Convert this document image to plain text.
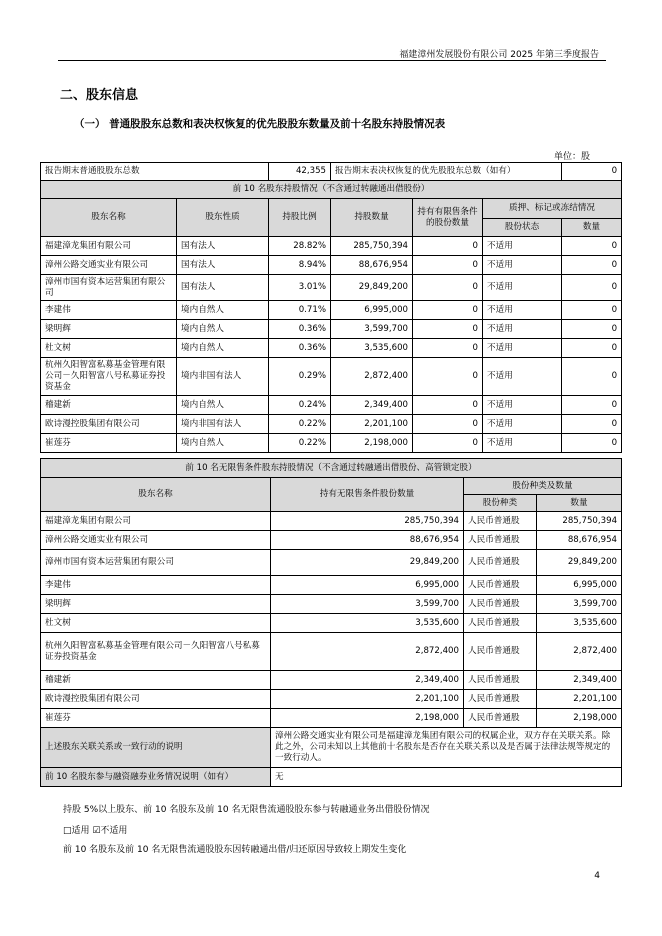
福建漳州发展股份有限公司 2025 年第三季度报告
二、股东信息
（一） 普通股股东总数和表决权恢复的优先股股东数量及前十名股东持股情况表
单位：股
报告期末普通股股东总数		42,355	报告期末表决权恢复的优先股股东总数（如有）			0
前 10 名股东持股情况（不含通过转融通出借股份）						
股东名称	股东性质	持股比例	持股数量	持有有限售条件的股份数量	质押、标记或冻结情况	
					股份状态	数量
福建漳龙集团有限公司	国有法人	28.82%	285,750,394	0	不适用	0
漳州公路交通实业有限公司	国有法人	8.94%	88,676,954	0	不适用	0
漳州市国有资本运营集团有限公司	国有法人	3.01%	29,849,200	0	不适用	0
李建伟	境内自然人	0.71%	6,995,000	0	不适用	0
梁明辉	境内自然人	0.36%	3,599,700	0	不适用	0
杜文树	境内自然人	0.36%	3,535,600	0	不适用	0
杭州久阳智富私募基金管理有限公司－久阳智富八号私募证券投资基金	境内非国有法人	0.29%	2,872,400	0	不适用	0
稽建新	境内自然人	0.24%	2,349,400	0	不适用	0
欧诗漫控股集团有限公司	境内非国有法人	0.22%	2,201,100	0	不适用	0
崔莲芬	境内自然人	0.22%	2,198,000	0	不适用	0
前 10 名无限售条件股东持股情况（不含通过转融通出借股份、高管锁定股）			
股东名称	持有无限售条件股份数量	股份种类及数量	
		股份种类	数量
福建漳龙集团有限公司	285,750,394	人民币普通股	285,750,394
漳州公路交通实业有限公司	88,676,954	人民币普通股	88,676,954
漳州市国有资本运营集团有限公司	29,849,200	人民币普通股	29,849,200
李建伟	6,995,000	人民币普通股	6,995,000
梁明辉	3,599,700	人民币普通股	3,599,700
杜文树	3,535,600	人民币普通股	3,535,600
杭州久阳智富私募基金管理有限公司－久阳智富八号私募证券投资基金	2,872,400	人民币普通股	2,872,400
稽建新	2,349,400	人民币普通股	2,349,400
欧诗漫控股集团有限公司	2,201,100	人民币普通股	2,201,100
崔莲芬	2,198,000	人民币普通股	2,198,000
上述股东关联关系或一致行动的说明	漳州公路交通实业有限公司是福建漳龙集团有限公司的权属企业，双方存在关联关系。除此之外，公司未知以上其他前十名股东是否存在关联关系以及是否属于法律法规等规定的一致行动人。		
前 10 名股东参与融资融券业务情况说明（如有）	无		
持股 5%以上股东、前 10 名股东及前 10 名无限售流通股股东参与转融通业务出借股份情况
□适用 ☑不适用
前 10 名股东及前 10 名无限售流通股股东因转融通出借/归还原因导致较上期发生变化
4
